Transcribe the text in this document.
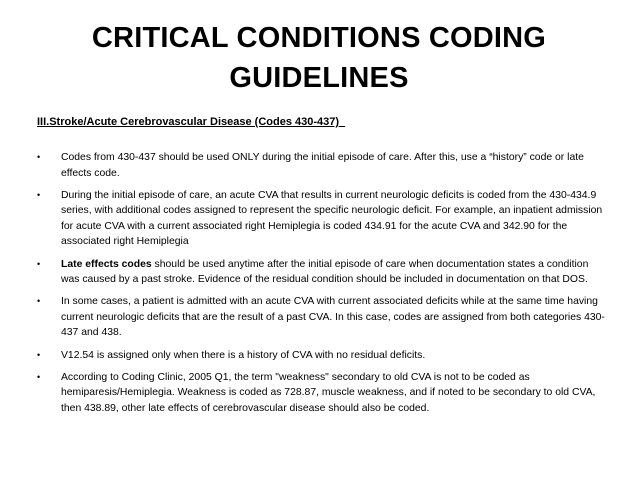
CRITICAL CONDITIONS CODING GUIDELINES
III.Stroke/Acute Cerebrovascular Disease (Codes 430-437)
• Codes from 430-437 should be used ONLY during the initial episode of care. After this, use a “history” code or late effects code.
• During the initial episode of care, an acute CVA that results in current neurologic deficits is coded from the 430-434.9 series, with additional codes assigned to represent the specific neurologic deficit. For example, an inpatient admission for acute CVA with a current associated right Hemiplegia is coded 434.91 for the acute CVA and 342.90 for the associated right Hemiplegia
• Late effects codes should be used anytime after the initial episode of care when documentation states a condition was caused by a past stroke. Evidence of the residual condition should be included in documentation on that DOS.
• In some cases, a patient is admitted with an acute CVA with current associated deficits while at the same time having current neurologic deficits that are the result of a past CVA. In this case, codes are assigned from both categories 430-437 and 438.
• V12.54 is assigned only when there is a history of CVA with no residual deficits.
• According to Coding Clinic, 2005 Q1, the term "weakness" secondary to old CVA is not to be coded as hemiparesis/Hemiplegia. Weakness is coded as 728.87, muscle weakness, and if noted to be secondary to old CVA, then 438.89, other late effects of cerebrovascular disease should also be coded.
